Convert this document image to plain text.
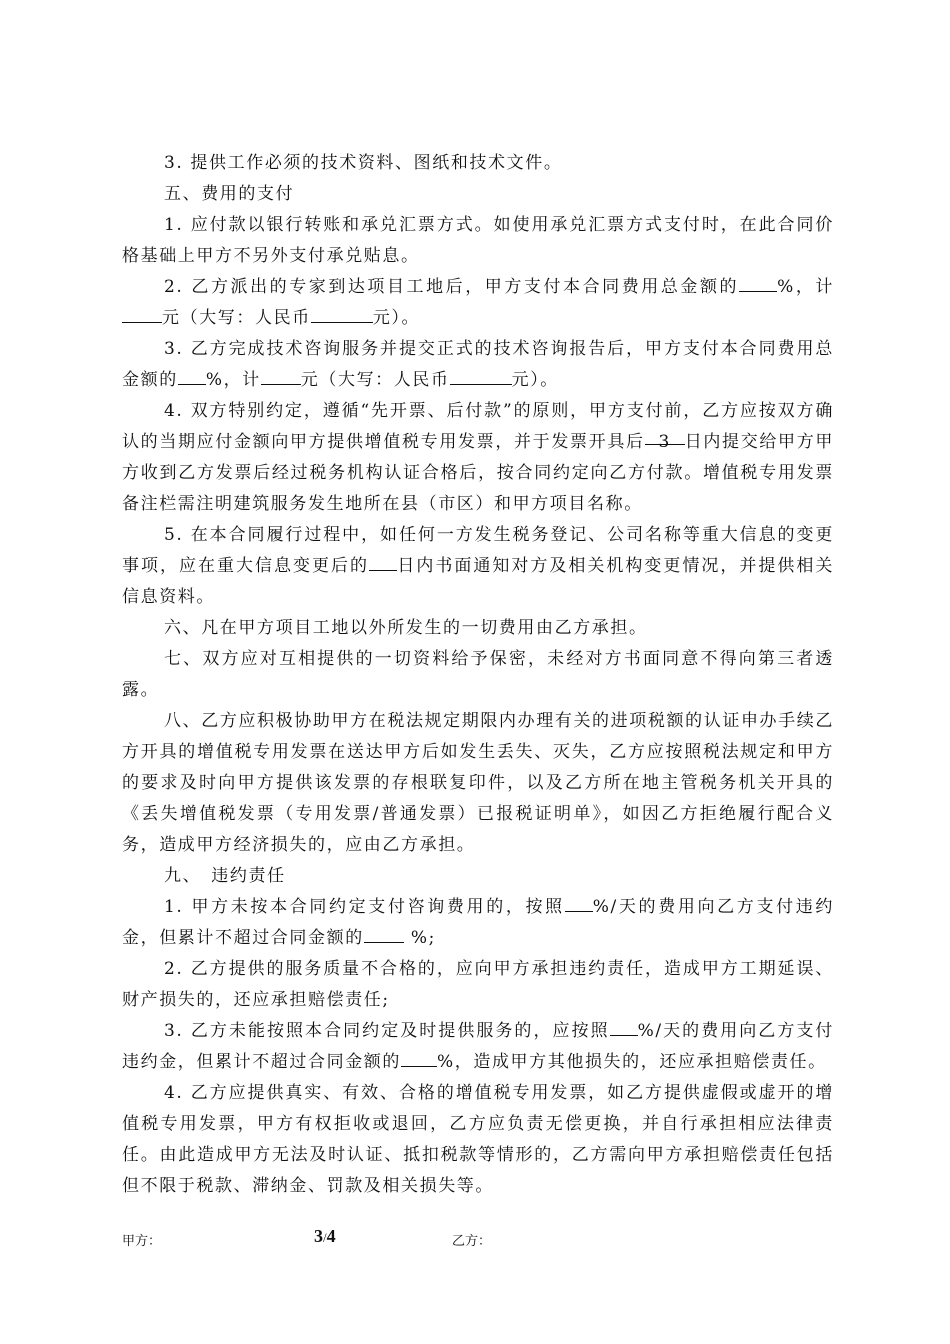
3. 提供工作必须的技术资料、图纸和技术文件。

五、费用的支付

1. 应付款以银行转账和承兑汇票方式。如使用承兑汇票方式支付时，在此合同价格基础上甲方不另外支付承兑贴息。

2. 乙方派出的专家到达项目工地后，甲方支付本合同费用总金额的 %，计元（大写：人民币	元）。

3. 乙方完成技术咨询服务并提交正式的技术咨询报告后，甲方支付本合同费用总金额的 %，计 元（大写：人民币	元）。

4. 双方特别约定，遵循“先开票、后付款”的原则，甲方支付前，乙方应按双方确认的当期应付金额向甲方提供增值税专用发票，并于发票开具后 3 日内提交给甲方甲方收到乙方发票后经过税务机构认证合格后，按合同约定向乙方付款。增值税专用发票备注栏需注明建筑服务发生地所在县（市区）和甲方项目名称。

5. 在本合同履行过程中，如任何一方发生税务登记、公司名称等重大信息的变更事项，应在重大信息变更后的 日内书面通知对方及相关机构变更情况，并提供相关信息资料。

六、凡在甲方项目工地以外所发生的一切费用由乙方承担。

七、双方应对互相提供的一切资料给予保密，未经对方书面同意不得向第三者透露。

八、乙方应积极协助甲方在税法规定期限内办理有关的进项税额的认证申办手续乙方开具的增值税专用发票在送达甲方后如发生丢失、灭失，乙方应按照税法规定和甲方的要求及时向甲方提供该发票的存根联复印件，以及乙方所在地主管税务机关开具的《丢失增值税发票（专用发票/普通发票）已报税证明单》，如因乙方拒绝履行配合义务，造成甲方经济损失的，应由乙方承担。

九、　违约责任

1. 甲方未按本合同约定支付咨询费用的，按照 %/天的费用向乙方支付违约金，但累计不超过合同金额的 %;

2. 乙方提供的服务质量不合格的，应向甲方承担违约责任，造成甲方工期延误、财产损失的，还应承担赔偿责任;

3. 乙方未能按照本合同约定及时提供服务的，应按照 %/天的费用向乙方支付违约金，但累计不超过合同金额的 %，造成甲方其他损失的，还应承担赔偿责任。

4. 乙方应提供真实、有效、合格的增值税专用发票，如乙方提供虚假或虚开的增值税专用发票，甲方有权拒收或退回，乙方应负责无偿更换，并自行承担相应法律责任。由此造成甲方无法及时认证、抵扣税款等情形的，乙方需向甲方承担赔偿责任包括但不限于税款、滞纳金、罚款及相关损失等。

甲方：	3/4	乙方：
